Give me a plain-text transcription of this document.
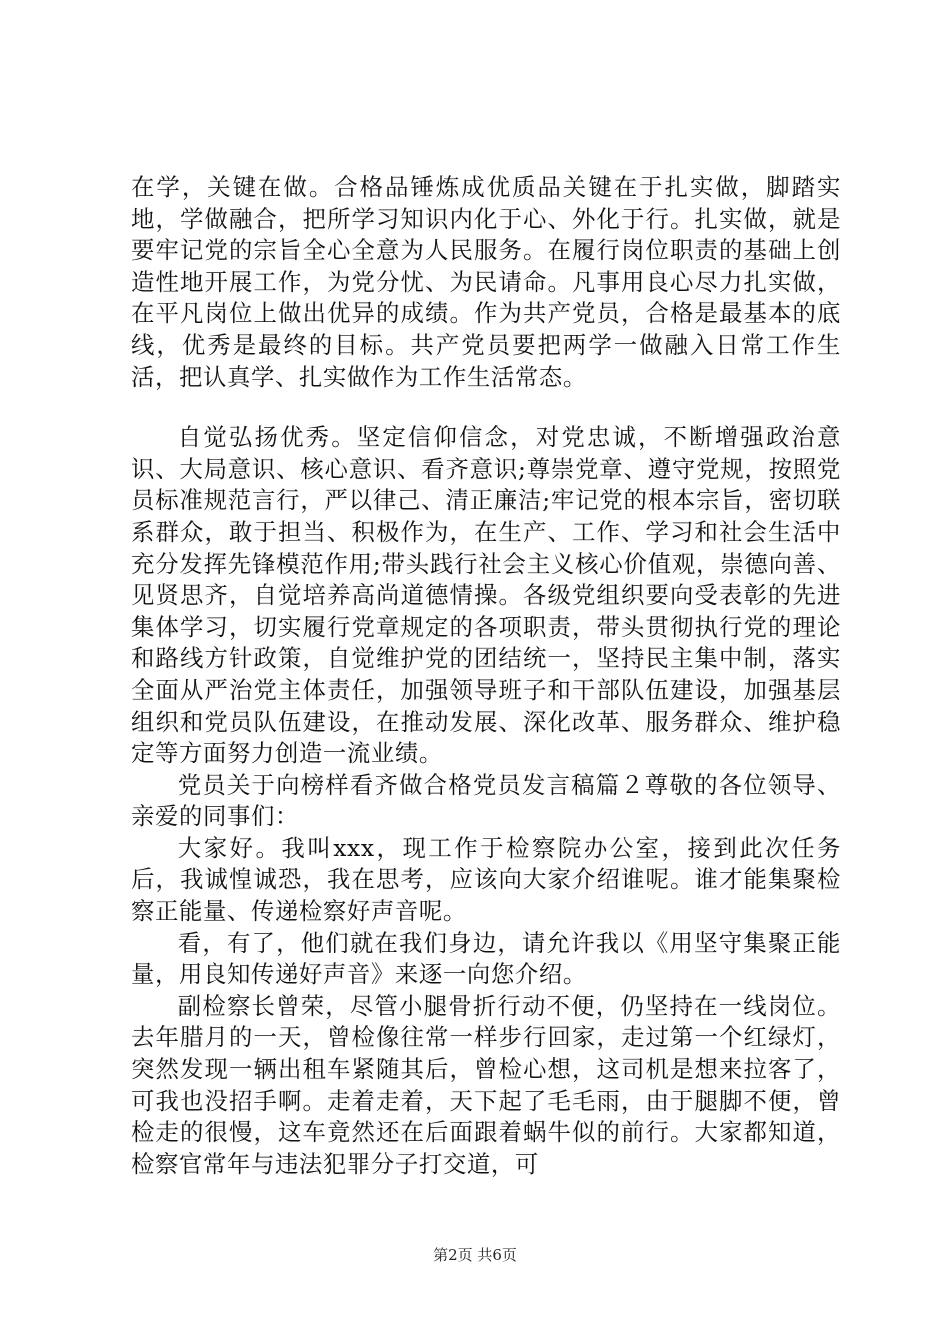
在学，关键在做。合格品锤炼成优质品关键在于扎实做，脚踏实地，学做融合，把所学习知识内化于心、外化于行。扎实做，就是要牢记党的宗旨全心全意为人民服务。在履行岗位职责的基础上创造性地开展工作，为党分忧、为民请命。凡事用良心尽力扎实做，在平凡岗位上做出优异的成绩。作为共产党员，合格是最基本的底线，优秀是最终的目标。共产党员要把两学一做融入日常工作生活，把认真学、扎实做作为工作生活常态。

自觉弘扬优秀。坚定信仰信念，对党忠诚，不断增强政治意识、大局意识、核心意识、看齐意识;尊崇党章、遵守党规，按照党员标准规范言行，严以律己、清正廉洁;牢记党的根本宗旨，密切联系群众，敢于担当、积极作为，在生产、工作、学习和社会生活中充分发挥先锋模范作用;带头践行社会主义核心价值观，崇德向善、见贤思齐，自觉培养高尚道德情操。各级党组织要向受表彰的先进集体学习，切实履行党章规定的各项职责，带头贯彻执行党的理论和路线方针政策，自觉维护党的团结统一，坚持民主集中制，落实全面从严治党主体责任，加强领导班子和干部队伍建设，加强基层组织和党员队伍建设，在推动发展、深化改革、服务群众、维护稳定等方面努力创造一流业绩。

党员关于向榜样看齐做合格党员发言稿篇２尊敬的各位领导、亲爱的同事们：

大家好。我叫xxx，现工作于检察院办公室，接到此次任务后，我诚惶诚恐，我在思考，应该向大家介绍谁呢。谁才能集聚检察正能量、传递检察好声音呢。

看，有了，他们就在我们身边，请允许我以《用坚守集聚正能量，用良知传递好声音》来逐一向您介绍。

副检察长曾荣，尽管小腿骨折行动不便，仍坚持在一线岗位。去年腊月的一天，曾检像往常一样步行回家，走过第一个红绿灯，突然发现一辆出租车紧随其后，曾检心想，这司机是想来拉客了，可我也没招手啊。走着走着，天下起了毛毛雨，由于腿脚不便，曾检走的很慢，这车竟然还在后面跟着蜗牛似的前行。大家都知道，检察官常年与违法犯罪分子打交道，可

第2页 共6页
